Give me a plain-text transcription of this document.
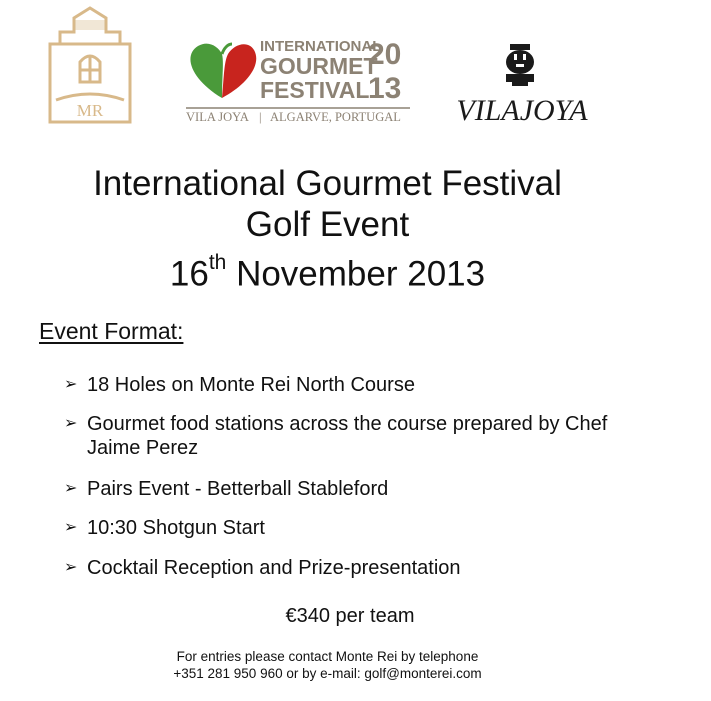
MR	VILA JOYA | ALGARVE, PORTUGAL
INTERNATIONAL
GOURMET
FESTIVAL
20
13
VILAJOYA
International Gourmet Festival
Golf Event
16th November 2013
Event Format:
➢ 18 Holes on Monte Rei North Course
➢ Gourmet food stations across the course prepared by Chef Jaime Perez
➢ Pairs Event - Betterball Stableford
➢ 10:30 Shotgun Start
➢ Cocktail Reception and Prize-presentation
€340 per team
For entries please contact Monte Rei by telephone
+351 281 950 960 or by e-mail: golf@monterei.com
